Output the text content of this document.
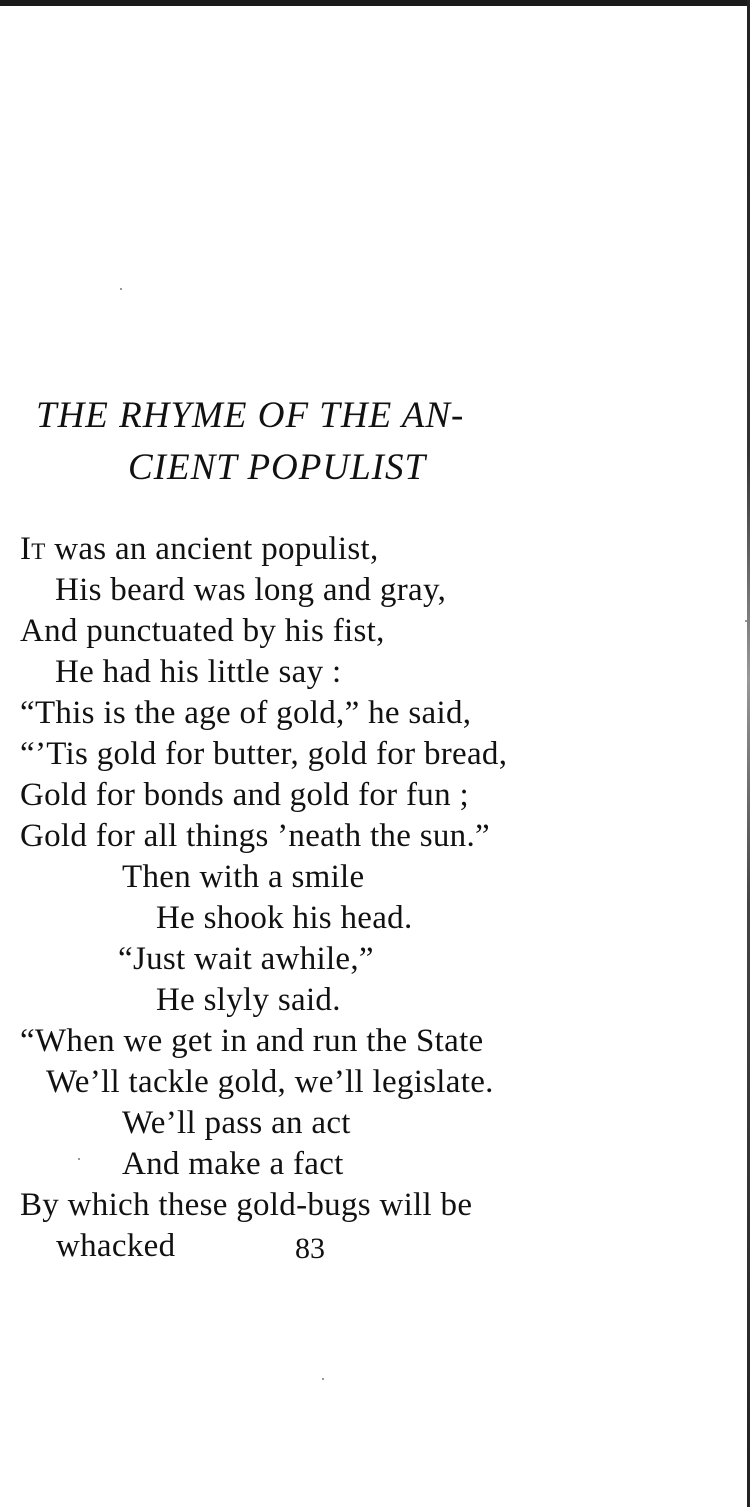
THE RHYME OF THE AN-
CIENT POPULIST
It was an ancient populist,
His beard was long and gray,
And punctuated by his fist,
He had his little say :
“This is the age of gold,” he said,
“’Tis gold for butter, gold for bread,
Gold for bonds and gold for fun ;
Gold for all things ’neath the sun.”
Then with a smile
He shook his head.
“Just wait awhile,”
He slyly said.
“When we get in and run the State
We’ll tackle gold, we’ll legislate.
We’ll pass an act
And make a fact
By which these gold-bugs will be
whacked	83
